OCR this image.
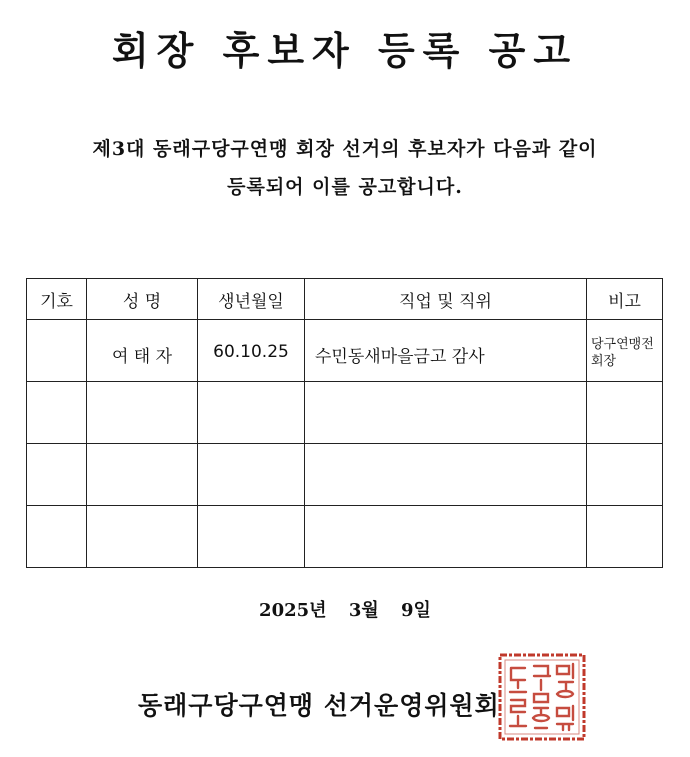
회장 후보자 등록 공고
제3대 동래구당구연맹 회장 선거의 후보자가 다음과 같이
등록되어 이를 공고합니다.
기호	성 명	생년월일	직업 및 직위	비고

	여 태 자	60.10.25	수민동새마을금고 감사	당구연맹전 회장

2025년 3월 9일
동래구당구연맹 선거운영위원회
